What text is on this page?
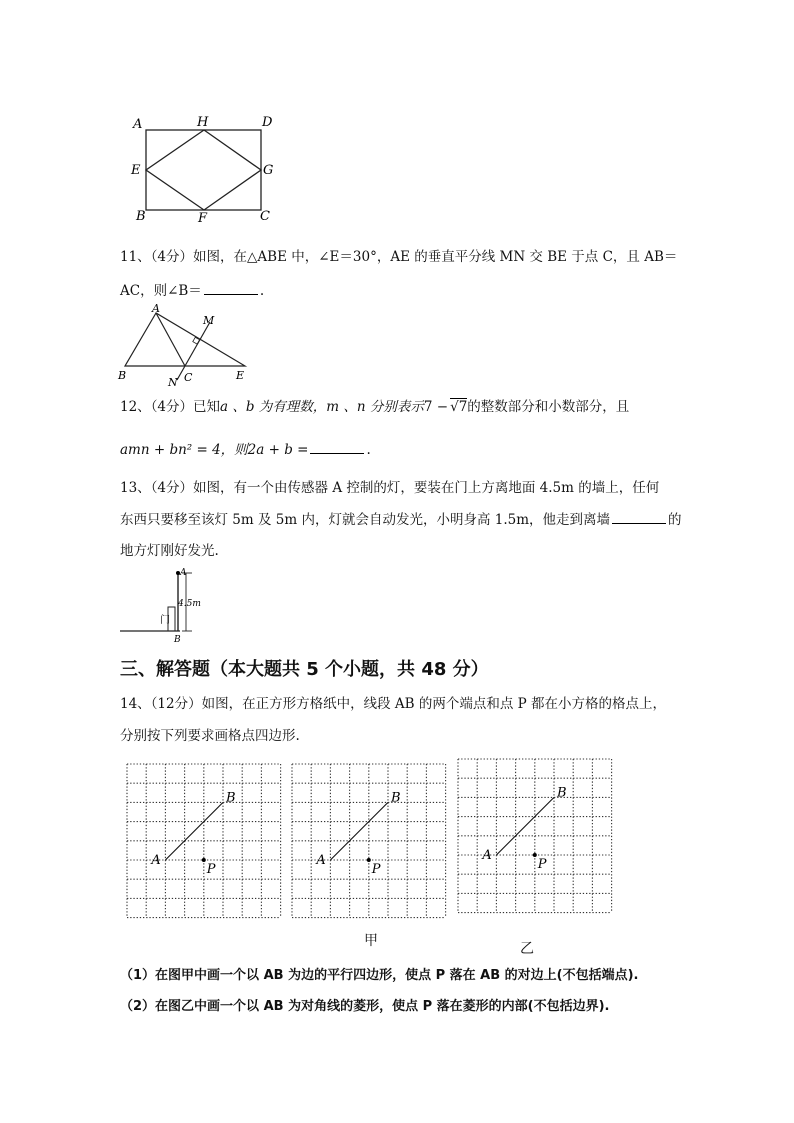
A	H	D
E	G
B	F	C
11、（4分）如图，在△ABE 中，∠E＝30°，AE 的垂直平分线 MN 交 BE 于点 C，且 AB＝
AC，则∠B＝	.
A
M
B
N C	E
12、（4分）已知a 、b 为有理数，m 、n 分别表示7 − √7的整数部分和小数部分，且
amn + bn² = 4，则2a + b =	.
13、（4分）如图，有一个由传感器 A 控制的灯，要装在门上方离地面 4.5m 的墙上，任何
东西只要移至该灯 5m 及 5m 内，灯就会自动发光，小明身高 1.5m，他走到离墙	的
地方灯刚好发光.
A
4.5m
门
B
三、解答题（本大题共 5 个小题，共 48 分）
14、（12分）如图，在正方形方格纸中，线段 AB 的两个端点和点 P 都在小方格的格点上，
分别按下列要求画格点四边形.
A
B
P
A
B
P
A
B
P
甲	乙
（1）在图甲中画一个以 AB 为边的平行四边形，使点 P 落在 AB 的对边上(不包括端点).
（2）在图乙中画一个以 AB 为对角线的菱形，使点 P 落在菱形的内部(不包括边界).
